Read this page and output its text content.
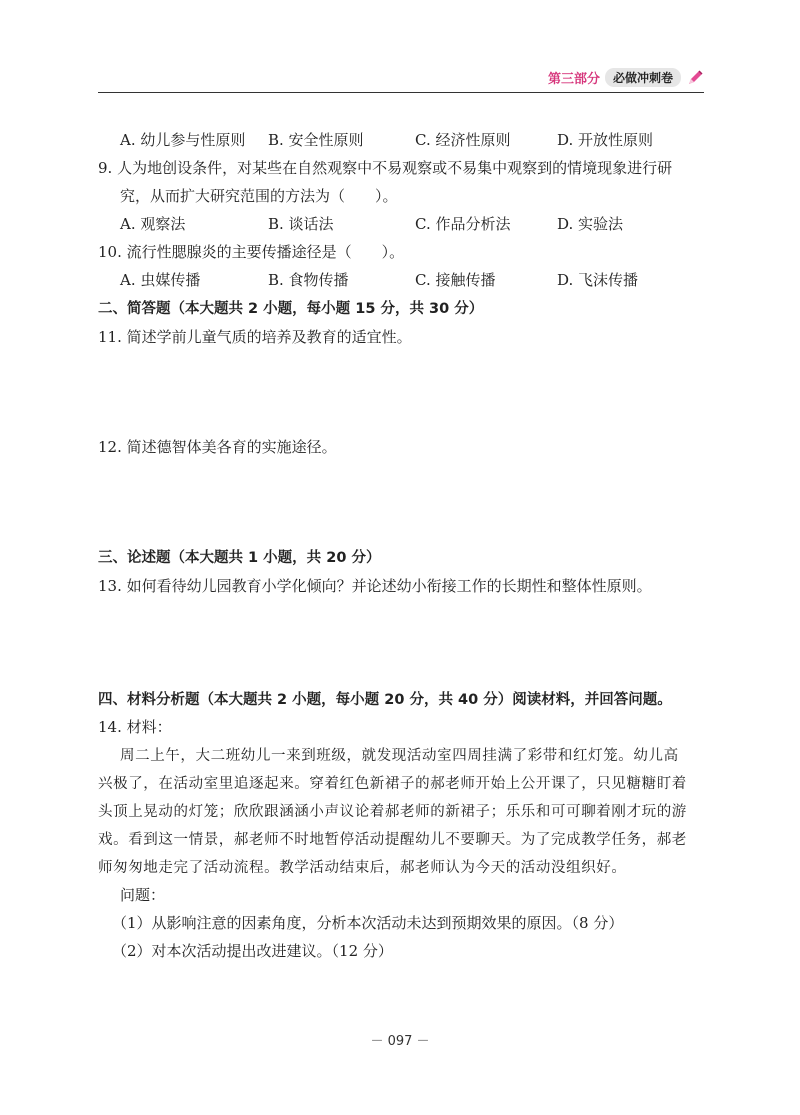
第三部分	必做冲刺卷
A. 幼儿参与性原则 B. 安全性原则	C. 经济性原则	D. 开放性原则
9. 人为地创设条件，对某些在自然观察中不易观察或不易集中观察到的情境现象进行研
究，从而扩大研究范围的方法为（　　）。
A. 观察法	B. 谈话法	C. 作品分析法	D. 实验法
10. 流行性腮腺炎的主要传播途径是（　　）。
A. 虫媒传播	B. 食物传播	C. 接触传播	D. 飞沫传播
二、简答题（本大题共 2 小题，每小题 15 分，共 30 分）
11. 简述学前儿童气质的培养及教育的适宜性。
12. 简述德智体美各育的实施途径。
三、论述题（本大题共 1 小题，共 20 分）
13. 如何看待幼儿园教育小学化倾向？并论述幼小衔接工作的长期性和整体性原则。
四、材料分析题（本大题共 2 小题，每小题 20 分，共 40 分）阅读材料，并回答问题。
14. 材料：
周二上午，大二班幼儿一来到班级，就发现活动室四周挂满了彩带和红灯笼。幼儿高
兴极了，在活动室里追逐起来。穿着红色新裙子的郝老师开始上公开课了，只见糖糖盯着
头顶上晃动的灯笼；欣欣跟涵涵小声议论着郝老师的新裙子；乐乐和可可聊着刚才玩的游
戏。看到这一情景，郝老师不时地暂停活动提醒幼儿不要聊天。为了完成教学任务，郝老
师匆匆地走完了活动流程。教学活动结束后，郝老师认为今天的活动没组织好。
问题：
（1）从影响注意的因素角度，分析本次活动未达到预期效果的原因。（8 分）
（2）对本次活动提出改进建议。（12 分）
－ 097 －
